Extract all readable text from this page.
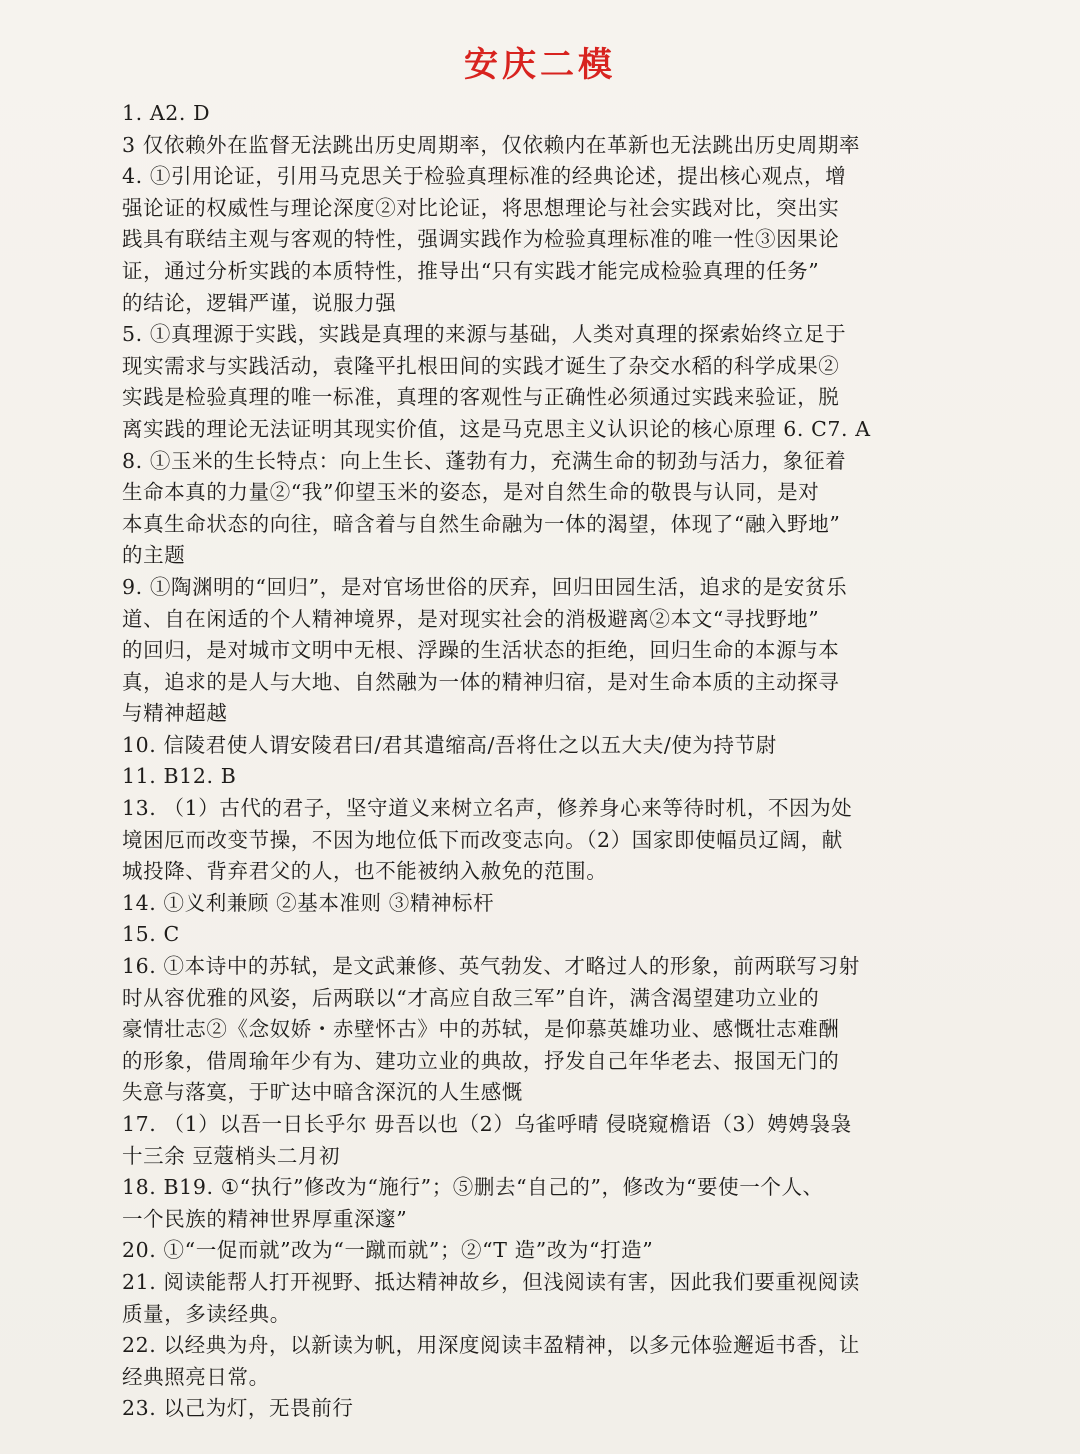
安庆二模
1. A2. D
3 仅依赖外在监督无法跳出历史周期率，仅依赖内在革新也无法跳出历史周期率
4. ①引用论证，引用马克思关于检验真理标准的经典论述，提出核心观点，增
强论证的权威性与理论深度②对比论证，将思想理论与社会实践对比，突出实
践具有联结主观与客观的特性，强调实践作为检验真理标准的唯一性③因果论
证，通过分析实践的本质特性，推导出“只有实践才能完成检验真理的任务”
的结论，逻辑严谨，说服力强
5. ①真理源于实践，实践是真理的来源与基础，人类对真理的探索始终立足于
现实需求与实践活动，袁隆平扎根田间的实践才诞生了杂交水稻的科学成果②
实践是检验真理的唯一标准，真理的客观性与正确性必须通过实践来验证，脱
离实践的理论无法证明其现实价值，这是马克思主义认识论的核心原理 6. C7. A
8. ①玉米的生长特点：向上生长、蓬勃有力，充满生命的韧劲与活力，象征着
生命本真的力量②“我”仰望玉米的姿态，是对自然生命的敬畏与认同，是对
本真生命状态的向往，暗含着与自然生命融为一体的渴望，体现了“融入野地”
的主题
9. ①陶渊明的“回归”，是对官场世俗的厌弃，回归田园生活，追求的是安贫乐
道、自在闲适的个人精神境界，是对现实社会的消极避离②本文“寻找野地”
的回归，是对城市文明中无根、浮躁的生活状态的拒绝，回归生命的本源与本
真，追求的是人与大地、自然融为一体的精神归宿，是对生命本质的主动探寻
与精神超越
10. 信陵君使人谓安陵君曰/君其遣缩高/吾将仕之以五大夫/使为持节尉
11. B12. B
13. （1）古代的君子，坚守道义来树立名声，修养身心来等待时机，不因为处
境困厄而改变节操，不因为地位低下而改变志向。（2）国家即使幅员辽阔，献
城投降、背弃君父的人，也不能被纳入赦免的范围。
14. ①义利兼顾 ②基本准则 ③精神标杆
15. C
16. ①本诗中的苏轼，是文武兼修、英气勃发、才略过人的形象，前两联写习射
时从容优雅的风姿，后两联以“才高应自敌三军”自许，满含渴望建功立业的
豪情壮志②《念奴娇・赤壁怀古》中的苏轼，是仰慕英雄功业、感慨壮志难酬
的形象，借周瑜年少有为、建功立业的典故，抒发自己年华老去、报国无门的
失意与落寞，于旷达中暗含深沉的人生感慨
17. （1）以吾一日长乎尔 毋吾以也（2）乌雀呼晴 侵晓窥檐语（3）娉娉袅袅
十三余 豆蔻梢头二月初
18. B19. ①“执行”修改为“施行”；⑤删去“自己的”，修改为“要使一个人、
一个民族的精神世界厚重深邃”
20. ①“一促而就”改为“一蹴而就”；②“T 造”改为“打造”
21. 阅读能帮人打开视野、抵达精神故乡，但浅阅读有害，因此我们要重视阅读
质量，多读经典。
22. 以经典为舟，以新读为帆，用深度阅读丰盈精神，以多元体验邂逅书香，让
经典照亮日常。
23. 以己为灯，无畏前行
